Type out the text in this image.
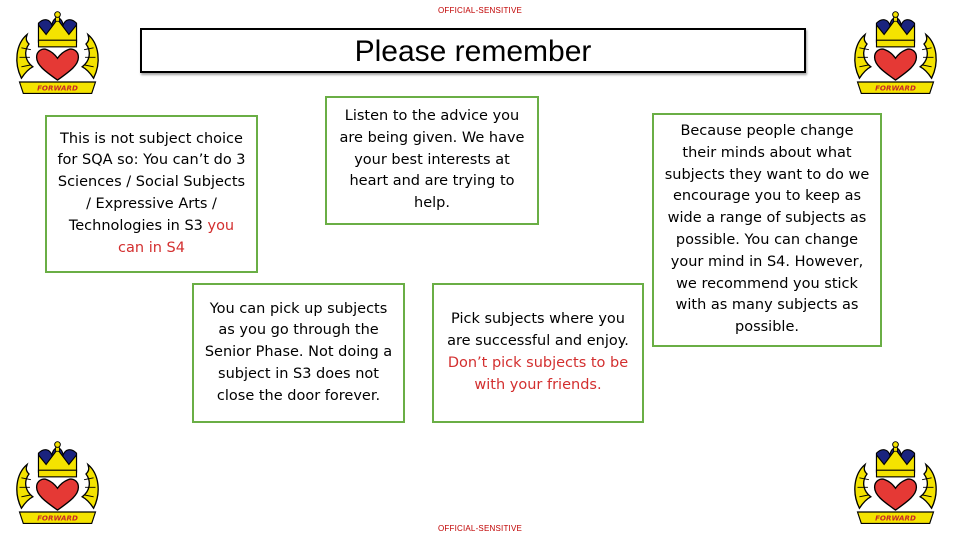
OFFICIAL-SENSITIVE
Please remember
FORWARD	FORWARD
FORWARD	FORWARD
This is not subject choice for SQA so: You can’t do 3 Sciences / Social Subjects / Expressive Arts / Technologies in S3 you can in S4
Listen to the advice you are being given. We have your best interests at heart and are trying to help.
Because people change their minds about what subjects they want to do we encourage you to keep as wide a range of subjects as possible. You can change your mind in S4. However, we recommend you stick with as many subjects as possible.
You can pick up subjects as you go through the Senior Phase. Not doing a subject in S3 does not close the door forever.
Pick subjects where you are successful and enjoy. Don’t pick subjects to be with your friends.
OFFICIAL-SENSITIVE
